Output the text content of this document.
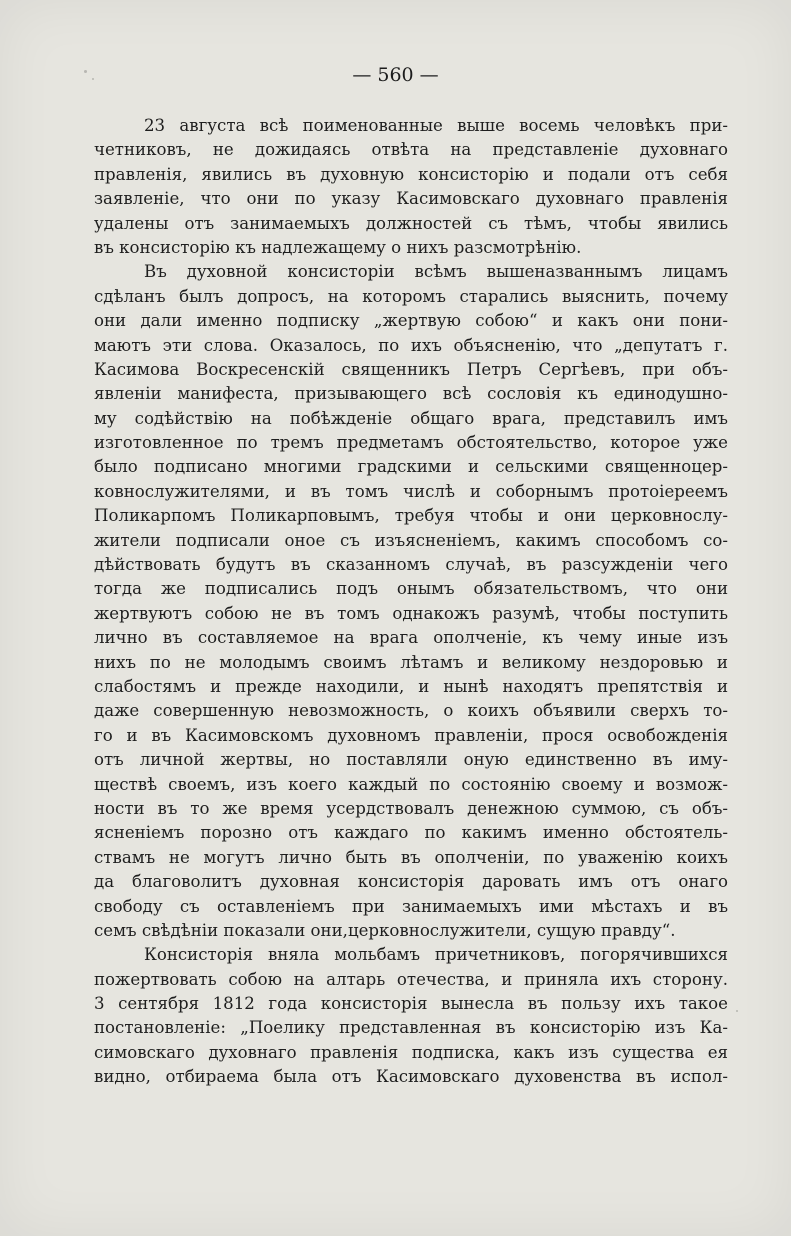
— 560 —
23 августа всѣ поименованные выше восемь человѣкъ при-
четниковъ, не дожидаясь отвѣта на представленіе духовнаго
правленія, явились въ духовную консисторію и подали отъ себя
заявленіе, что они по указу Касимовскаго духовнаго правленія
удалены отъ занимаемыхъ должностей съ тѣмъ, чтобы явились
въ консисторію къ надлежащему о нихъ разсмотрѣнію.
Въ духовной консисторіи всѣмъ вышеназваннымъ лицамъ
сдѣланъ былъ допросъ, на которомъ старались выяснить, почему
они дали именно подписку „жертвую собою“ и какъ они пони-
маютъ эти слова. Оказалось, по ихъ объясненію, что „депутатъ г.
Касимова Воскресенскій священникъ Петръ Сергѣевъ, при объ-
явленіи манифеста, призывающего всѣ сословія къ единодушно-
му содѣйствію на побѣжденіе общаго врага, представилъ имъ
изготовленное по тремъ предметамъ обстоятельство, которое уже
было подписано многими градскими и сельскими священноцер-
ковнослужителями, и въ томъ числѣ и соборнымъ протоіереемъ
Поликарпомъ Поликарповымъ, требуя чтобы и они церковнослу-
жители подписали оное съ изъясненіемъ, какимъ способомъ со-
дѣйствовать будутъ въ сказанномъ случаѣ, въ разсужденіи чего
тогда же подписались подъ онымъ обязательствомъ, что они
жертвуютъ собою не въ томъ однакожъ разумѣ, чтобы поступить
лично въ составляемое на врага ополченіе, къ чему иные изъ
нихъ по не молодымъ своимъ лѣтамъ и великому нездоровью и
слабостямъ и прежде находили, и нынѣ находятъ препятствія и
даже совершенную невозможность, о коихъ объявили сверхъ то-
го и въ Касимовскомъ духовномъ правленіи, прося освобожденія
отъ личной жертвы, но поставляли оную единственно въ иму-
ществѣ своемъ, изъ коего каждый по состоянію своему и возмож-
ности въ то же время усердствовалъ денежною суммою, съ объ-
ясненіемъ порозно отъ каждаго по какимъ именно обстоятель-
ствамъ не могутъ лично быть въ ополченіи, по уваженію коихъ
да благоволитъ духовная консисторія даровать имъ отъ онаго
свободу съ оставленіемъ при занимаемыхъ ими мѣстахъ и въ
семъ свѣдѣніи показали они,церковнослужители, сущую правду“.
Консисторія вняла мольбамъ причетниковъ, погорячившихся
пожертвовать собою на алтарь отечества, и приняла ихъ сторону.
3 сентября 1812 года консисторія вынесла въ пользу ихъ такое
постановленіе: „Поелику представленная въ консисторію изъ Ка-
симовскаго духовнаго правленія подписка, какъ изъ существа ея
видно, отбираема была отъ Касимовскаго духовенства въ испол-
